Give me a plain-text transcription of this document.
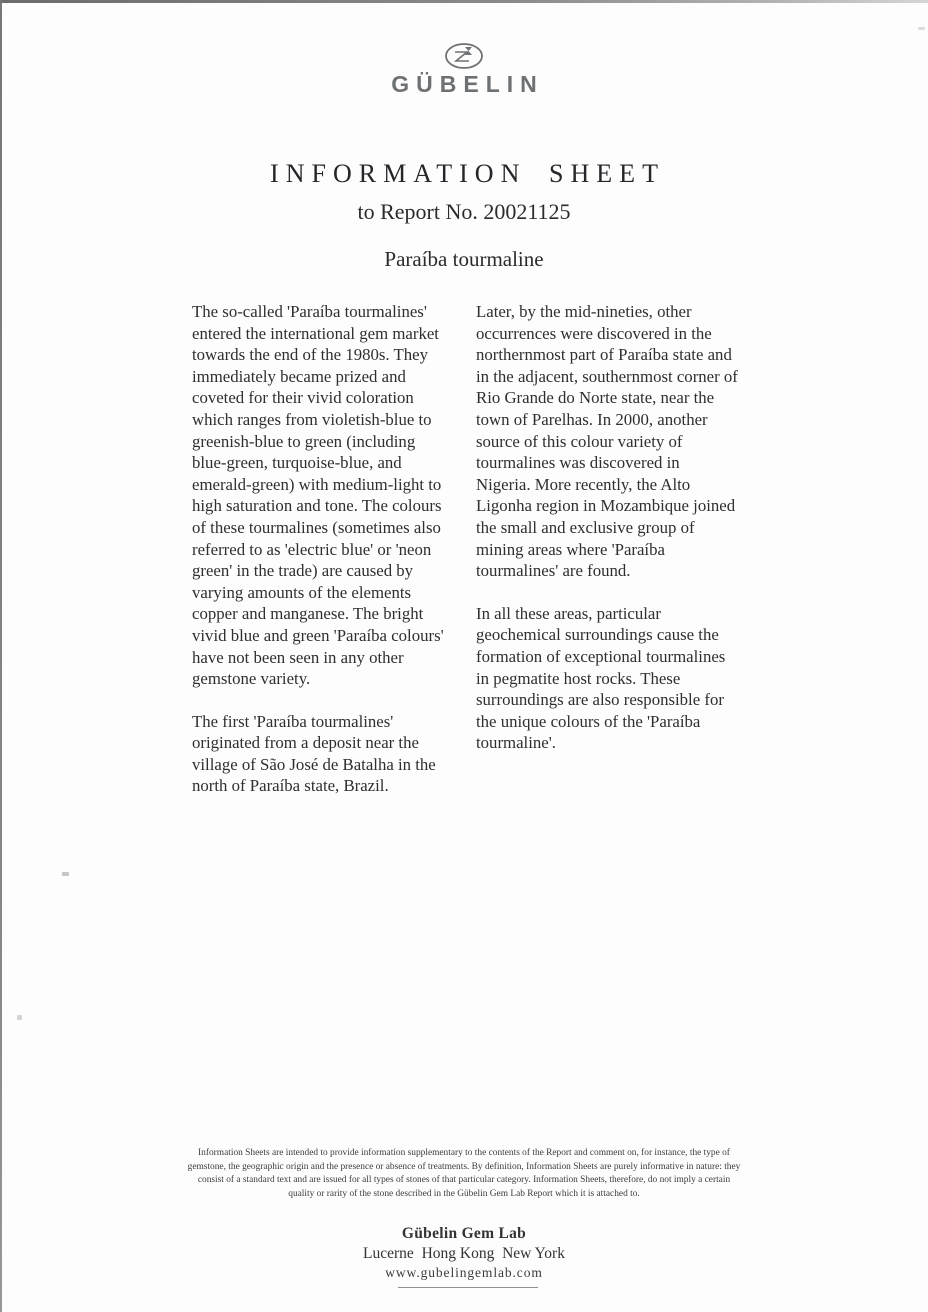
GÜBELIN
INFORMATION SHEET
to Report No. 20021125
Paraíba tourmaline

The so-called 'Paraíba tourmalines' entered the international gem market towards the end of the 1980s. They immediately became prized and coveted for their vivid coloration which ranges from violetish-blue to greenish-blue to green (including blue-green, turquoise-blue, and emerald-green) with medium-light to high saturation and tone. The colours of these tourmalines (sometimes also referred to as 'electric blue' or 'neon green' in the trade) are caused by varying amounts of the elements copper and manganese. The bright vivid blue and green 'Paraíba colours' have not been seen in any other gemstone variety.

The first 'Paraíba tourmalines' originated from a deposit near the village of São José de Batalha in the north of Paraíba state, Brazil.

Later, by the mid-nineties, other occurrences were discovered in the northernmost part of Paraíba state and in the adjacent, southernmost corner of Rio Grande do Norte state, near the town of Parelhas. In 2000, another source of this colour variety of tourmalines was discovered in Nigeria. More recently, the Alto Ligonha region in Mozambique joined the small and exclusive group of mining areas where 'Paraíba tourmalines' are found.

In all these areas, particular geochemical surroundings cause the formation of exceptional tourmalines in pegmatite host rocks. These surroundings are also responsible for the unique colours of the 'Paraíba tourmaline'.

Information Sheets are intended to provide information supplementary to the contents of the Report and comment on, for instance, the type of gemstone, the geographic origin and the presence or absence of treatments. By definition, Information Sheets are purely informative in nature: they consist of a standard text and are issued for all types of stones of that particular category. Information Sheets, therefore, do not imply a certain quality or rarity of the stone described in the Gübelin Gem Lab Report which it is attached to.
Gübelin Gem Lab
Lucerne  Hong Kong  New York
www.gubelingemlab.com
